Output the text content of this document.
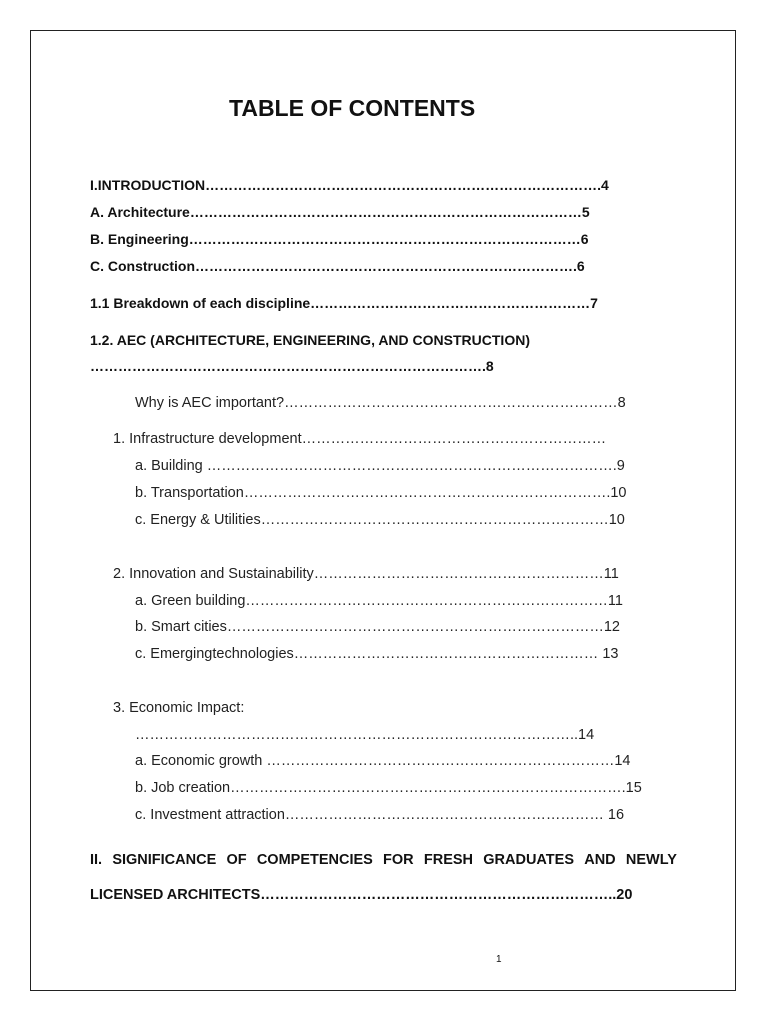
TABLE OF CONTENTS
I.INTRODUCTION………………………………………………………………………….4
A. Architecture…………………………………………………………………………5
B. Engineering…………………………………………………………………………6
C. Construction……………………………………………………………………….6
1.1 Breakdown of each discipline……………………………………………………7
1.2. AEC (ARCHITECTURE, ENGINEERING, AND CONSTRUCTION)
………………………………………………………………………….8
Why is AEC important?……………………………………………………………8
1. Infrastructure development………………………………………………………
a. Building ………………………………………………………………………….9
b. Transportation………………………………………………………………….10
c. Energy & Utilities………………………………………………………………10
2. Innovation and Sustainability……………………………………………………11
a. Green building…………………………………………………………………11
b. Smart cities……………………………………………………………………12
c. Emergingtechnologies……………………………………………………… 13
3. Economic Impact:
………………………………………………………………………………..14
a. Economic growth ………………………………………………………………14
b. Job creation……………………………………………………………………….15
c. Investment attraction………………………………………………………… 16
II. SIGNIFICANCE OF COMPETENCIES FOR FRESH GRADUATES AND NEWLY
LICENSED ARCHITECTS………………………………………………………………..20
1
